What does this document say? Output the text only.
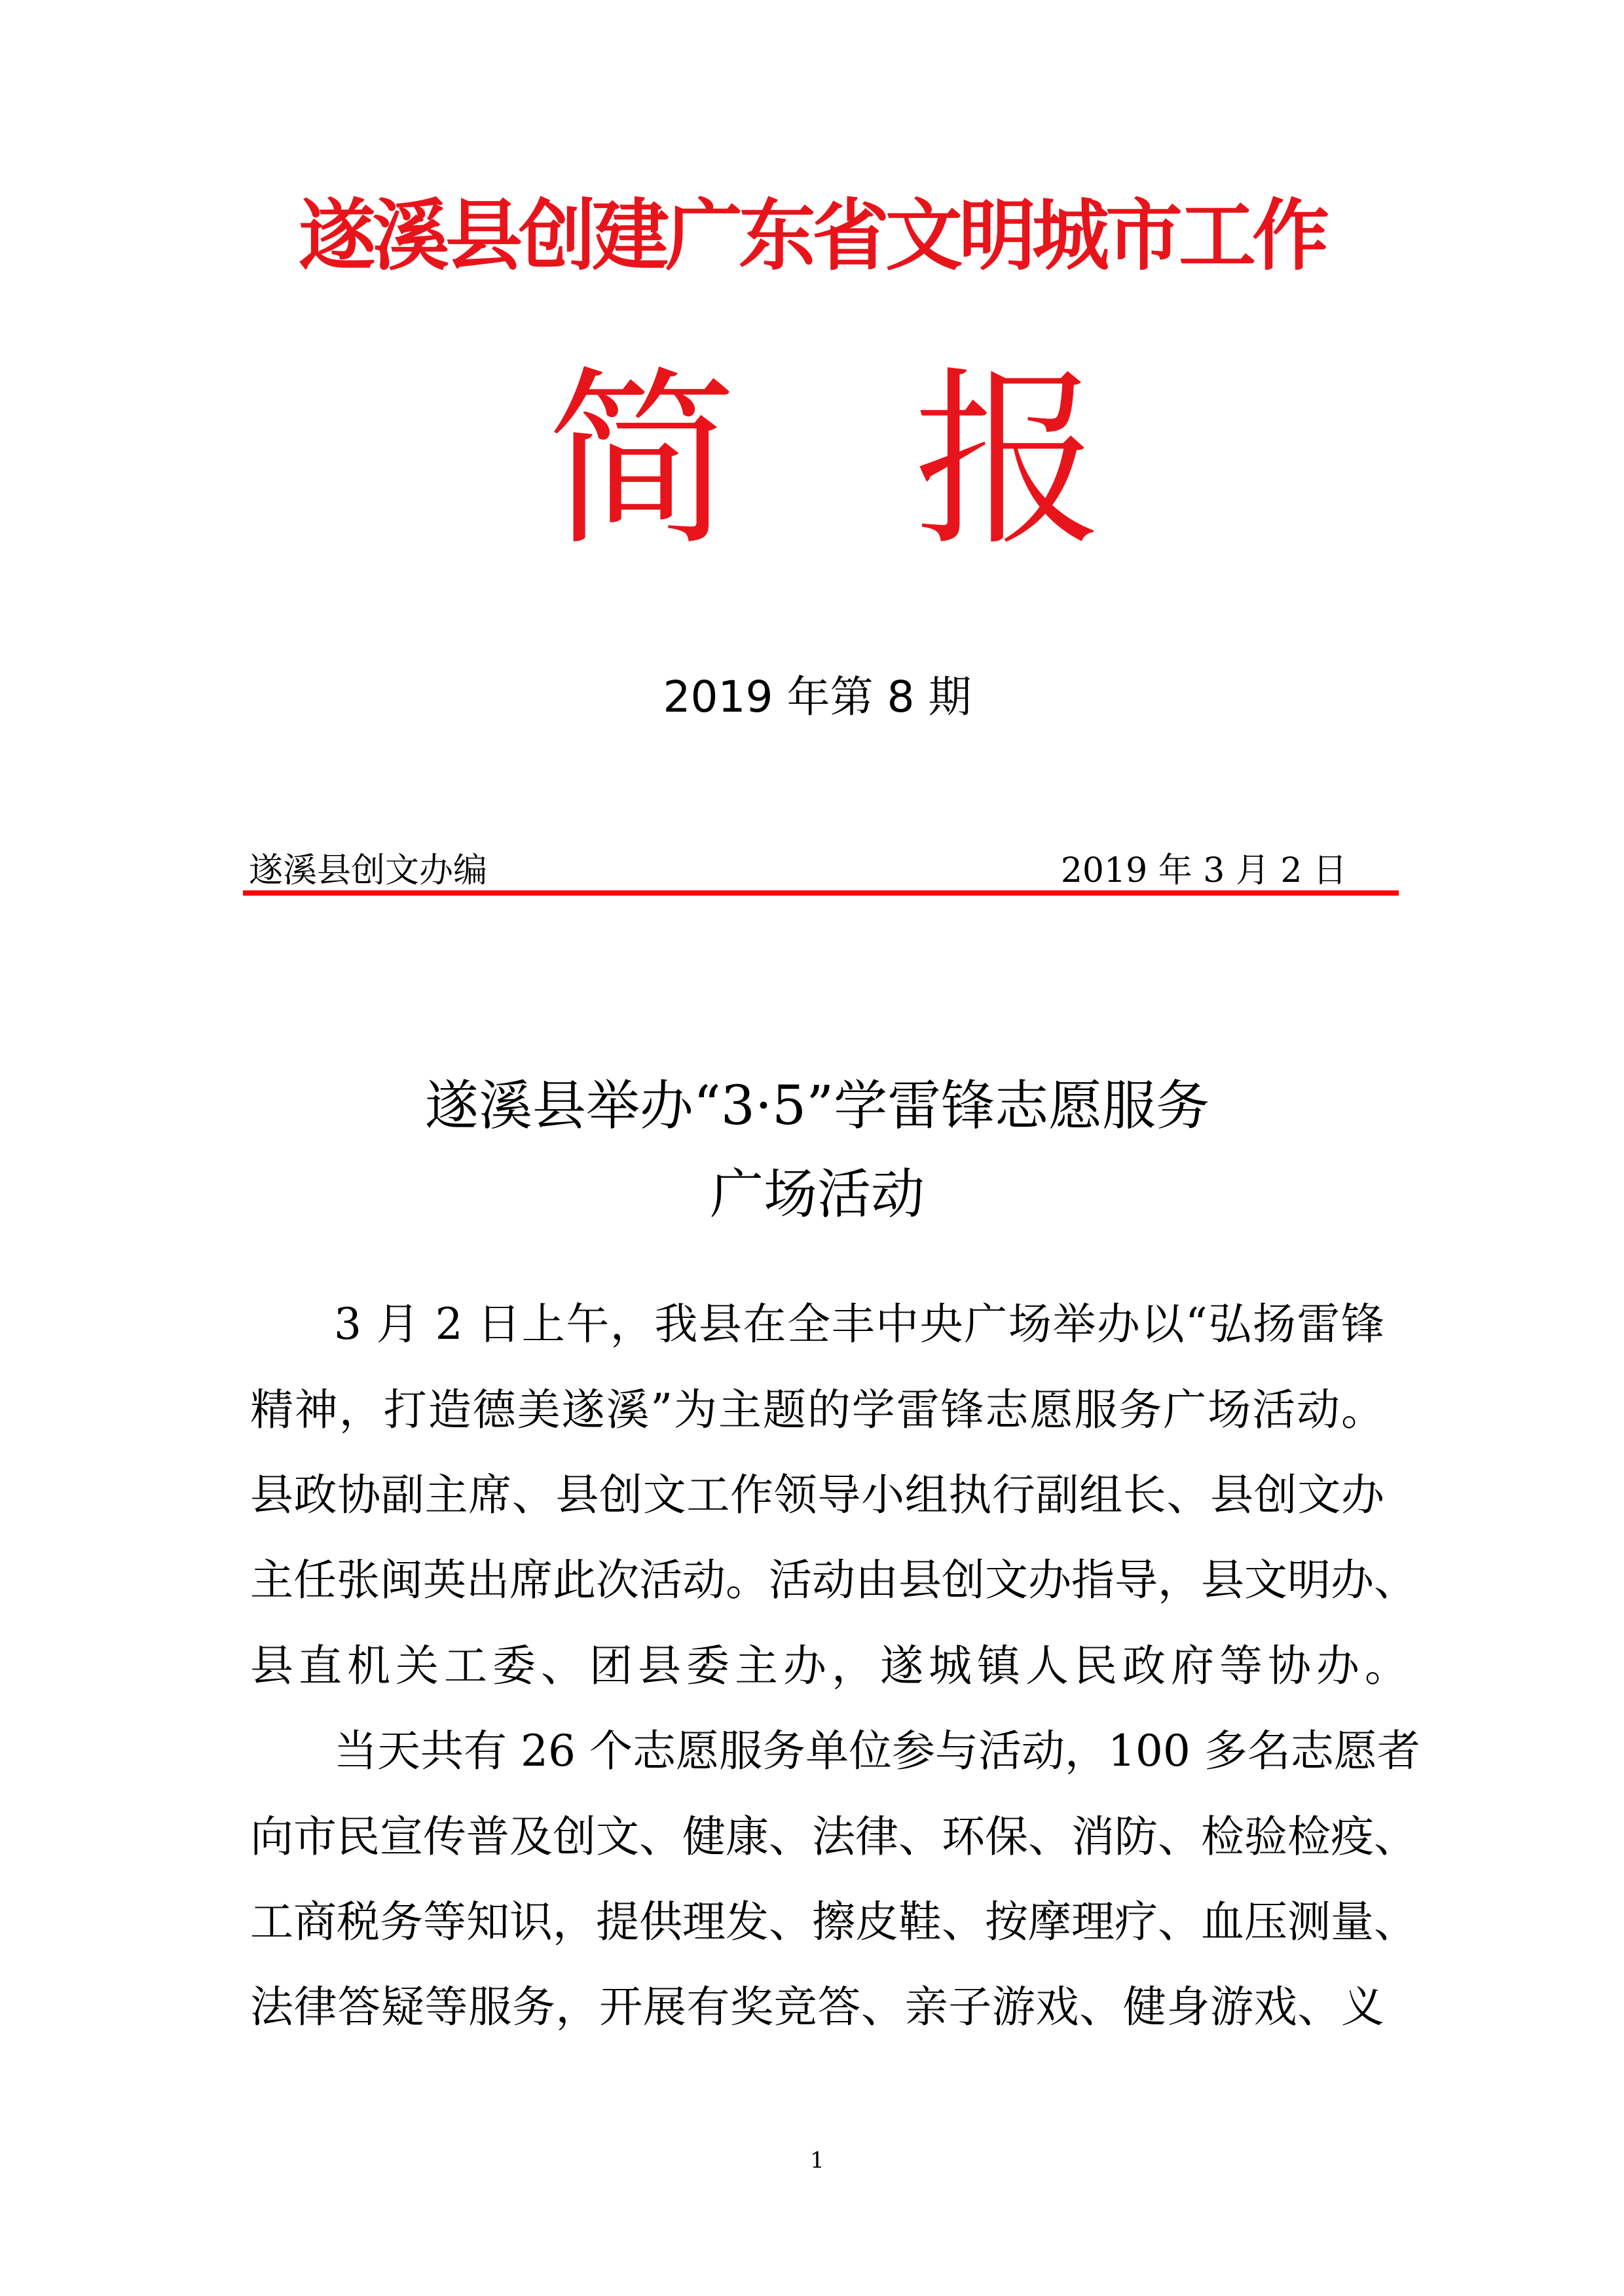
遂溪县创建广东省文明城市工作
简 报
2019 年第 8 期
遂溪县创文办编	2019 年 3 月 2 日
遂溪县举办“3·5”学雷锋志愿服务
广场活动
3 月 2 日上午，我县在全丰中央广场举办以“弘扬雷锋
精神，打造德美遂溪”为主题的学雷锋志愿服务广场活动。
县政协副主席、县创文工作领导小组执行副组长、县创文办
主任张闽英出席此次活动。活动由县创文办指导，县文明办、
县直机关工委、团县委主办，遂城镇人民政府等协办。
当天共有 26 个志愿服务单位参与活动，100 多名志愿者
向市民宣传普及创文、健康、法律、环保、消防、检验检疫、
工商税务等知识，提供理发、擦皮鞋、按摩理疗、血压测量、
法律答疑等服务，开展有奖竞答、亲子游戏、健身游戏、义
1
